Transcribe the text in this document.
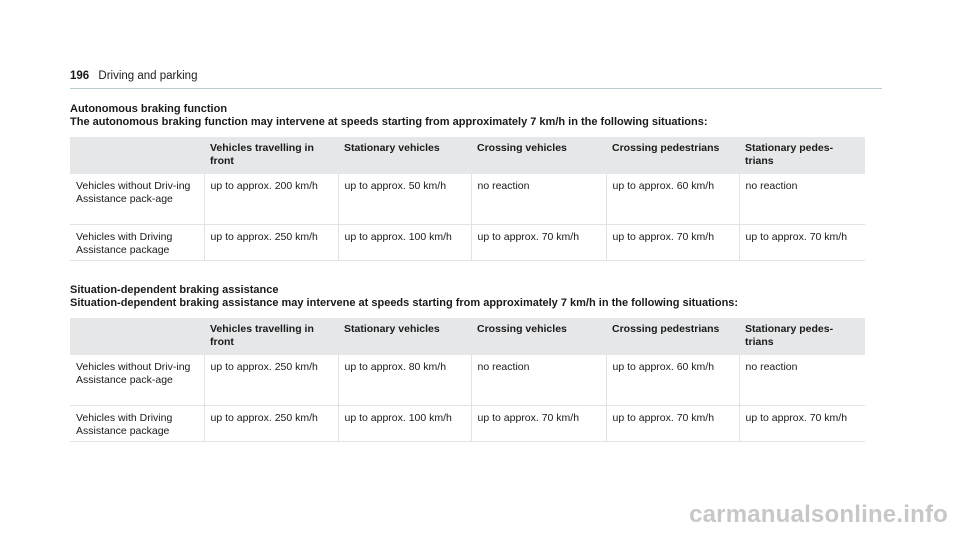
196 Driving and parking
Autonomous braking function
The autonomous braking function may intervene at speeds starting from approximately 7 km/h in the following situations:
	Vehicles travelling in front	Stationary vehicles	Crossing vehicles	Crossing pedestrians	Stationary pedes-trians
Vehicles without Driv-ing Assistance pack-age	up to approx. 200 km/h	up to approx. 50 km/h	no reaction	up to approx. 60 km/h	no reaction
Vehicles with Driving Assistance package	up to approx. 250 km/h	up to approx. 100 km/h	up to approx. 70 km/h	up to approx. 70 km/h	up to approx. 70 km/h
Situation-dependent braking assistance
Situation-dependent braking assistance may intervene at speeds starting from approximately 7 km/h in the following situations:
	Vehicles travelling in front	Stationary vehicles	Crossing vehicles	Crossing pedestrians	Stationary pedes-trians
Vehicles without Driv-ing Assistance pack-age	up to approx. 250 km/h	up to approx. 80 km/h	no reaction	up to approx. 60 km/h	no reaction
Vehicles with Driving Assistance package	up to approx. 250 km/h	up to approx. 100 km/h	up to approx. 70 km/h	up to approx. 70 km/h	up to approx. 70 km/h
carmanualsonline.info
